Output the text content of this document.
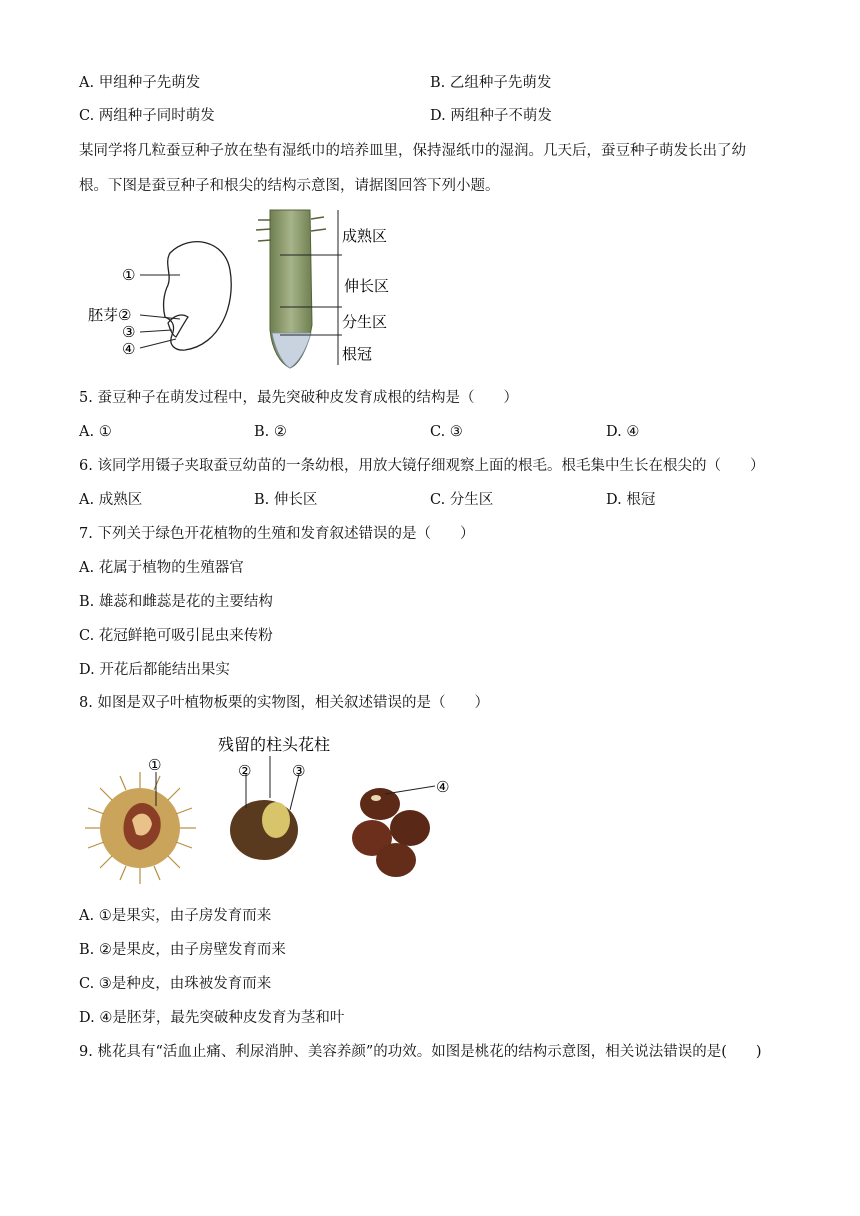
A. 甲组种子先萌发	B. 乙组种子先萌发
C. 两组种子同时萌发	D. 两组种子不萌发
某同学将几粒蚕豆种子放在垫有湿纸巾的培养皿里，保持湿纸巾的湿润。几天后，蚕豆种子萌发长出了幼
根。下图是蚕豆种子和根尖的结构示意图，请据图回答下列小题。
①
胚芽②
③
④
成熟区
伸长区
分生区
根冠
5. 蚕豆种子在萌发过程中，最先突破种皮发育成根的结构是（　　）
A. ①	B. ②	C. ③	D. ④
6. 该同学用镊子夹取蚕豆幼苗的一条幼根，用放大镜仔细观察上面的根毛。根毛集中生长在根尖的（　　）
A. 成熟区	B. 伸长区	C. 分生区	D. 根冠
7. 下列关于绿色开花植物的生殖和发育叙述错误的是（　　）
A. 花属于植物的生殖器官
B. 雄蕊和雌蕊是花的主要结构
C. 花冠鲜艳可吸引昆虫来传粉
D. 开花后都能结出果实
8. 如图是双子叶植物板栗的实物图，相关叙述错误的是（　　）
①
残留的柱头花柱
②	③
④
A. ①是果实，由子房发育而来
B. ②是果皮，由子房壁发育而来
C. ③是种皮，由珠被发育而来
D. ④是胚芽，最先突破种皮发育为茎和叶
9. 桃花具有“活血止痛、利尿消肿、美容养颜”的功效。如图是桃花的结构示意图，相关说法错误的是(　　)
